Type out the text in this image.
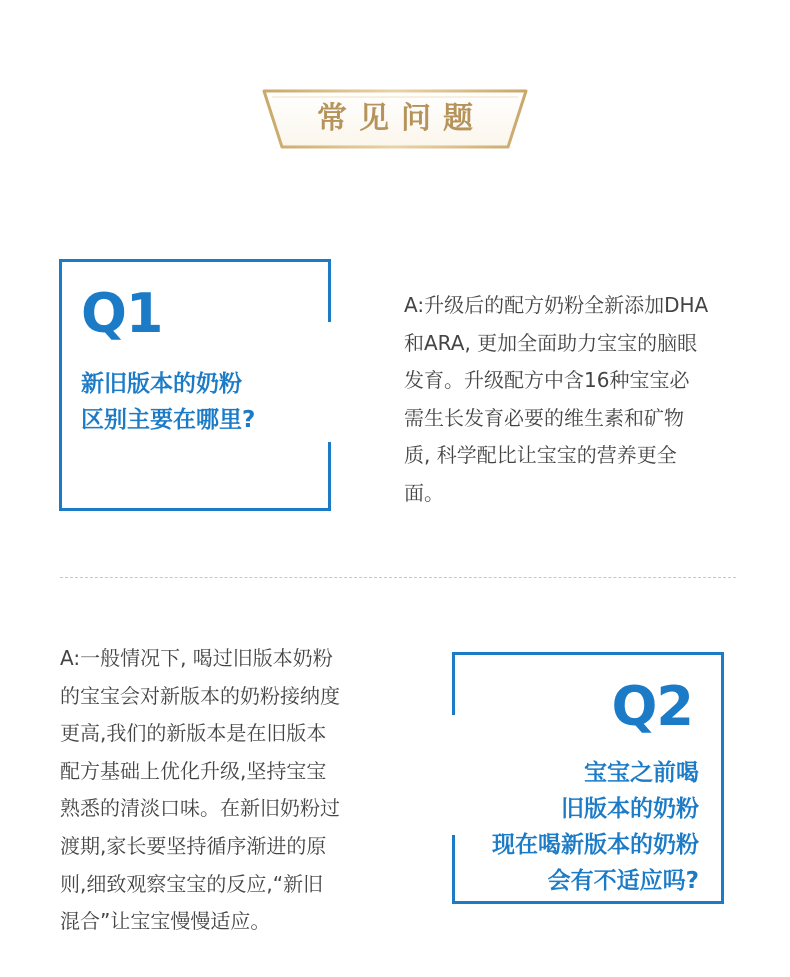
常见问题
Q1
新旧版本的奶粉
区别主要在哪里?
A:升级后的配方奶粉全新添加DHA
和ARA, 更加全面助力宝宝的脑眼
发育。升级配方中含16种宝宝必
需生长发育必要的维生素和矿物
质, 科学配比让宝宝的营养更全
面。
A:一般情况下, 喝过旧版本奶粉
的宝宝会对新版本的奶粉接纳度
更高,我们的新版本是在旧版本
配方基础上优化升级,坚持宝宝
熟悉的清淡口味。在新旧奶粉过
渡期,家长要坚持循序渐进的原
则,细致观察宝宝的反应,“新旧
混合”让宝宝慢慢适应。
Q2
宝宝之前喝
旧版本的奶粉
现在喝新版本的奶粉
会有不适应吗?
